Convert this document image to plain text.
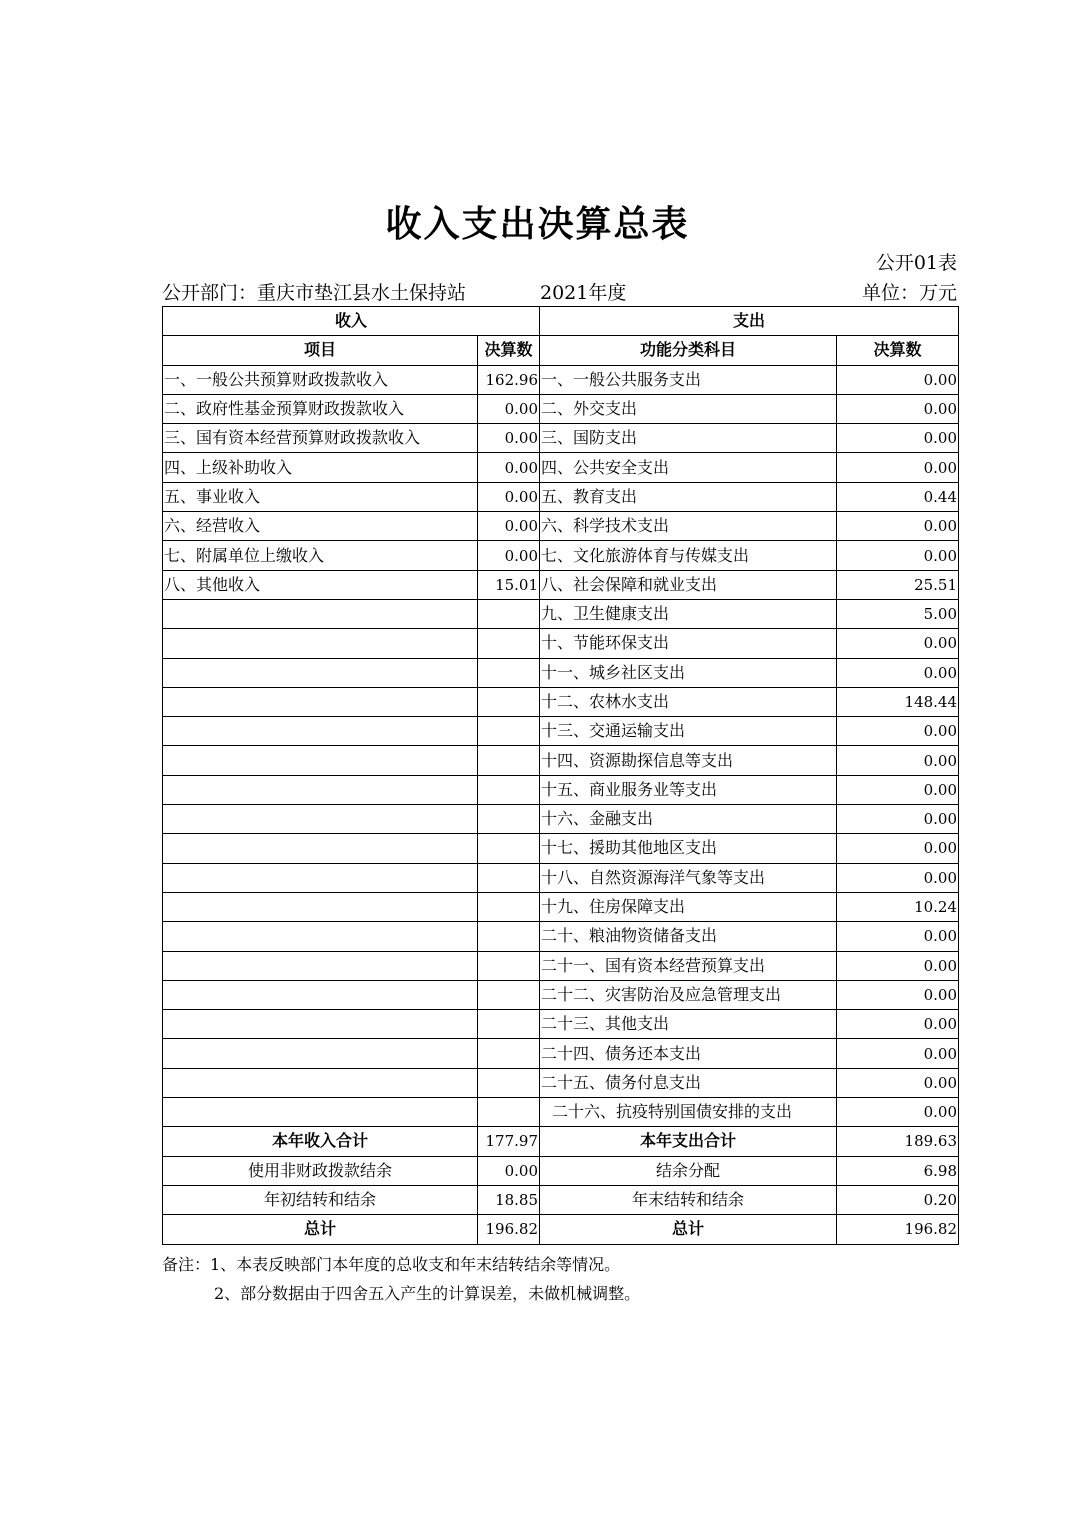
收入支出决算总表
公开01表
公开部门：重庆市垫江县水土保持站	2021年度	单位：万元
收入		支出	
项目	决算数	功能分类科目	决算数
一、一般公共预算财政拨款收入	162.96	一、一般公共服务支出	0.00
二、政府性基金预算财政拨款收入	0.00	二、外交支出	0.00
三、国有资本经营预算财政拨款收入	0.00	三、国防支出	0.00
四、上级补助收入	0.00	四、公共安全支出	0.00
五、事业收入	0.00	五、教育支出	0.44
六、经营收入	0.00	六、科学技术支出	0.00
七、附属单位上缴收入	0.00	七、文化旅游体育与传媒支出	0.00
八、其他收入	15.01	八、社会保障和就业支出	25.51
		九、卫生健康支出	5.00
		十、节能环保支出	0.00
		十一、城乡社区支出	0.00
		十二、农林水支出	148.44
		十三、交通运输支出	0.00
		十四、资源勘探信息等支出	0.00
		十五、商业服务业等支出	0.00
		十六、金融支出	0.00
		十七、援助其他地区支出	0.00
		十八、自然资源海洋气象等支出	0.00
		十九、住房保障支出	10.24
		二十、粮油物资储备支出	0.00
		二十一、国有资本经营预算支出	0.00
		二十二、灾害防治及应急管理支出	0.00
		二十三、其他支出	0.00
		二十四、债务还本支出	0.00
		二十五、债务付息支出	0.00
		二十六、抗疫特别国债安排的支出	0.00
本年收入合计	177.97	本年支出合计	189.63
使用非财政拨款结余	0.00	结余分配	6.98
年初结转和结余	18.85	年末结转和结余	0.20
总计	196.82	总计	196.82
备注：1、本表反映部门本年度的总收支和年末结转结余等情况。
2、部分数据由于四舍五入产生的计算误差，未做机械调整。
